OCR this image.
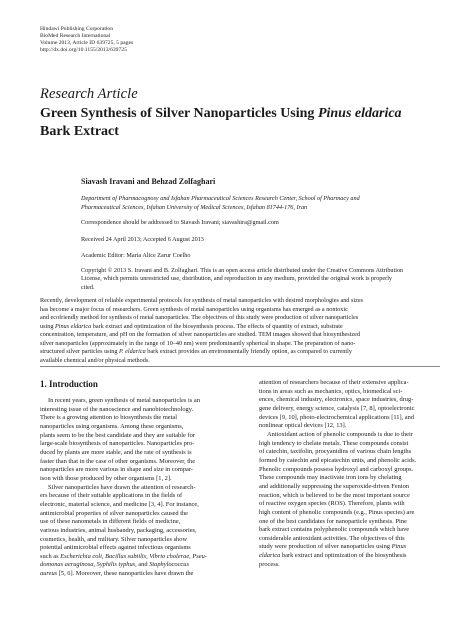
Hindawi Publishing Corporation
BioMed Research International
Volume 2013, Article ID 639725, 5 pages
http://dx.doi.org/10.1155/2013/639725
Research Article
Green Synthesis of Silver Nanoparticles Using Pinus eldarica
Bark Extract
Siavash Iravani and Behzad Zolfaghari
Department of Pharmacognosy and Isfahan Pharmaceutical Sciences Research Center, School of Pharmacy and
Pharmaceutical Sciences, Isfahan University of Medical Sciences, Isfahan 81744-176, Iran
Correspondence should be addressed to Siavash Iravani; siavashira@gmail.com
Received 24 April 2013; Accepted 6 August 2013
Academic Editor: Maria Alice Zarur Coelho
Copyright © 2013 S. Iravani and B. Zolfaghari. This is an open access article distributed under the Creative Commons Attribution
License, which permits unrestricted use, distribution, and reproduction in any medium, provided the original work is properly
cited.
Recently, development of reliable experimental protocols for synthesis of metal nanoparticles with desired morphologies and sizes
has become a major focus of researchers. Green synthesis of metal nanoparticles using organisms has emerged as a nontoxic
and ecofriendly method for synthesis of metal nanoparticles. The objectives of this study were production of silver nanoparticles
using Pinus eldarica bark extract and optimization of the biosynthesis process. The effects of quantity of extract, substrate
concentration, temperature, and pH on the formation of silver nanoparticles are studied. TEM images showed that biosynthesized
silver nanoparticles (approximately in the range of 10–40 nm) were predominantly spherical in shape. The preparation of nano-
structured silver particles using P. eldarica bark extract provides an environmentally friendly option, as compared to currently
available chemical and/or physical methods.
1. Introduction
In recent years, green synthesis of metal nanoparticles is an
interesting issue of the nanoscience and nanobiotechnology.
There is a growing attention to biosynthesis the metal
nanoparticles using organisms. Among these organisms,
plants seem to be the best candidate and they are suitable for
large-scale biosynthesis of nanoparticles. Nanoparticles pro-
duced by plants are more stable, and the rate of synthesis is
faster than that in the case of other organisms. Moreover, the
nanoparticles are more various in shape and size in compar-
ison with those produced by other organisms [1, 2].
Silver nanoparticles have drawn the attention of research-
ers because of their suitable applications in the fields of
electronic, material science, and medicine [3, 4]. For instance,
antimicrobial properties of silver nanoparticles caused the
use of these nanometals in different fields of medicine,
various industries, animal husbandry, packaging, accessories,
cosmetics, health, and military. Silver nanoparticles show
potential antimicrobial effects against infectious organisms
such as Escherichia coli, Bacillus subtilis, Vibrio cholerae, Pseu-
domonas aeruginosa, Syphilis typhus, and Staphylococcus
aureus [5, 6]. Moreover, these nanoparticles have drawn the
attention of researchers because of their extensive applica-
tions in areas such as mechanics, optics, biomedical sci-
ences, chemical industry, electronics, space industries, drug-
gene delivery, energy science, catalysis [7, 8], optoelectronic
devices [9, 10], photo-electrochemical applications [11], and
nonlinear optical devices [12, 13].
Antioxidant action of phenolic compounds is due to their
high tendency to chelate metals. These compounds consist
of catechin, taxifolin, procyanidins of various chain lengths
formed by catechin and epicatechin units, and phenolic acids.
Phenolic compounds possess hydroxyl and carboxyl groups.
These compounds may inactivate iron ions by chelating
and additionally suppressing the superoxide-driven Fenton
reaction, which is believed to be the most important source
of reactive oxygen species (ROS). Therefore, plants with
high content of phenolic compounds (e.g., Pinus species) are
one of the best candidates for nanoparticle synthesis. Pine
bark extract contains polyphenolic compounds which have
considerable antioxidant activities. The objectives of this
study were production of silver nanoparticles using Pinus
eldarica bark extract and optimization of the biosynthesis
process.
